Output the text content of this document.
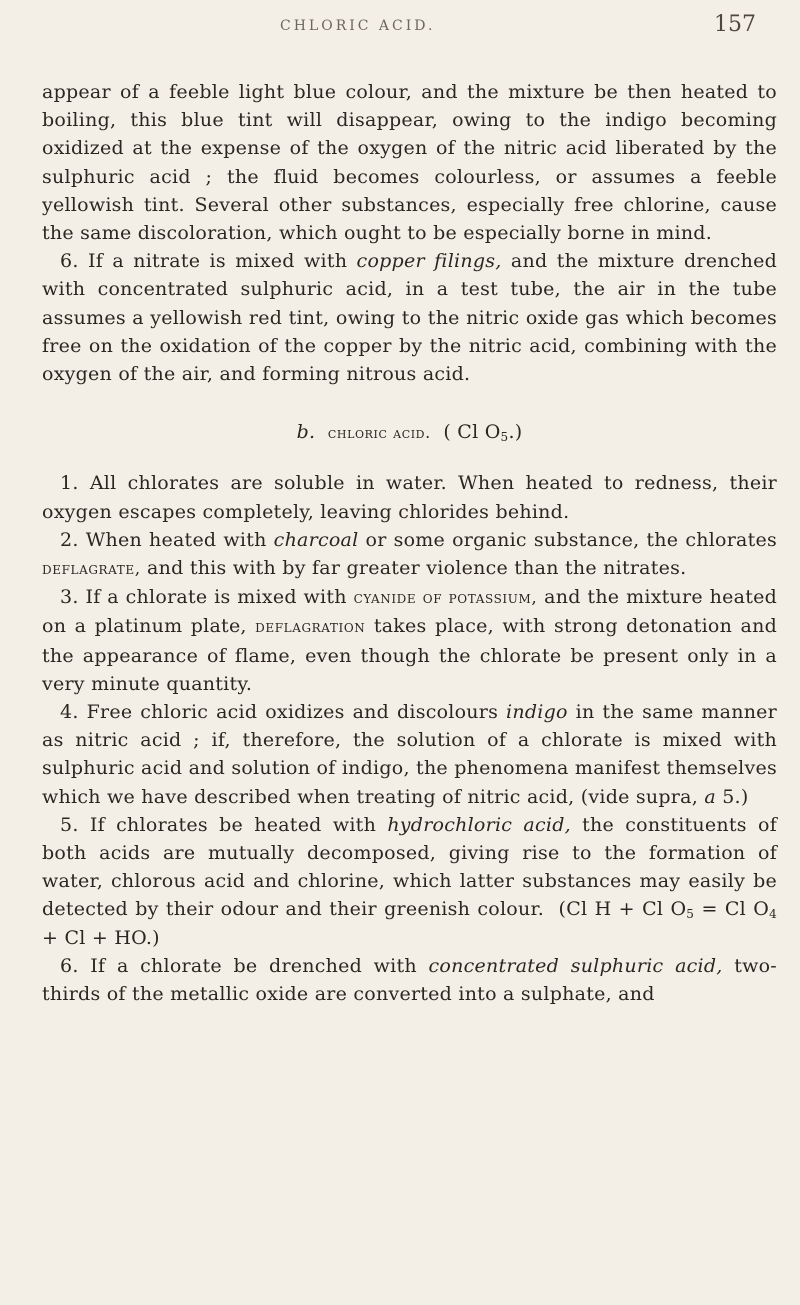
CHLORIC ACID.	157

appear of a feeble light blue colour, and the mixture be then heated to boiling, this blue tint will disappear, owing to the indigo becoming oxidized at the expense of the oxygen of the nitric acid liberated by the sulphuric acid ; the fluid becomes colourless, or assumes a feeble yellowish tint. Several other substances, especially free chlorine, cause the same discoloration, which ought to be especially borne in mind.

6. If a nitrate is mixed with copper filings, and the mixture drenched with concentrated sulphuric acid, in a test tube, the air in the tube assumes a yellowish red tint, owing to the nitric oxide gas which becomes free on the oxidation of the copper by the nitric acid, combining with the oxygen of the air, and forming nitrous acid.

b. chloric acid. ( Cl $O_5$.)

1. All chlorates are soluble in water. When heated to redness, their oxygen escapes completely, leaving chlorides behind.

2. When heated with charcoal or some organic substance, the chlorates deflagrate, and this with by far greater violence than the nitrates.

3. If a chlorate is mixed with cyanide of potassium, and the mixture heated on a platinum plate, deflagration takes place, with strong detonation and the appearance of flame, even though the chlorate be present only in a very minute quantity.

4. Free chloric acid oxidizes and discolours indigo in the same manner as nitric acid ; if, therefore, the solution of a chlorate is mixed with sulphuric acid and solution of indigo, the phenomena manifest themselves which we have described when treating of nitric acid, (vide supra, a 5.)

5. If chlorates be heated with hydrochloric acid, the constituents of both acids are mutually decomposed, giving rise to the formation of water, chlorous acid and chlorine, which latter substances may easily be detected by their odour and their greenish colour. (Cl H + Cl $O_5 = Cl$ $O_4 + Cl + HO$.)

6. If a chlorate be drenched with concentrated sulphuric acid, two-thirds of the metallic oxide are converted into a sulphate, and
